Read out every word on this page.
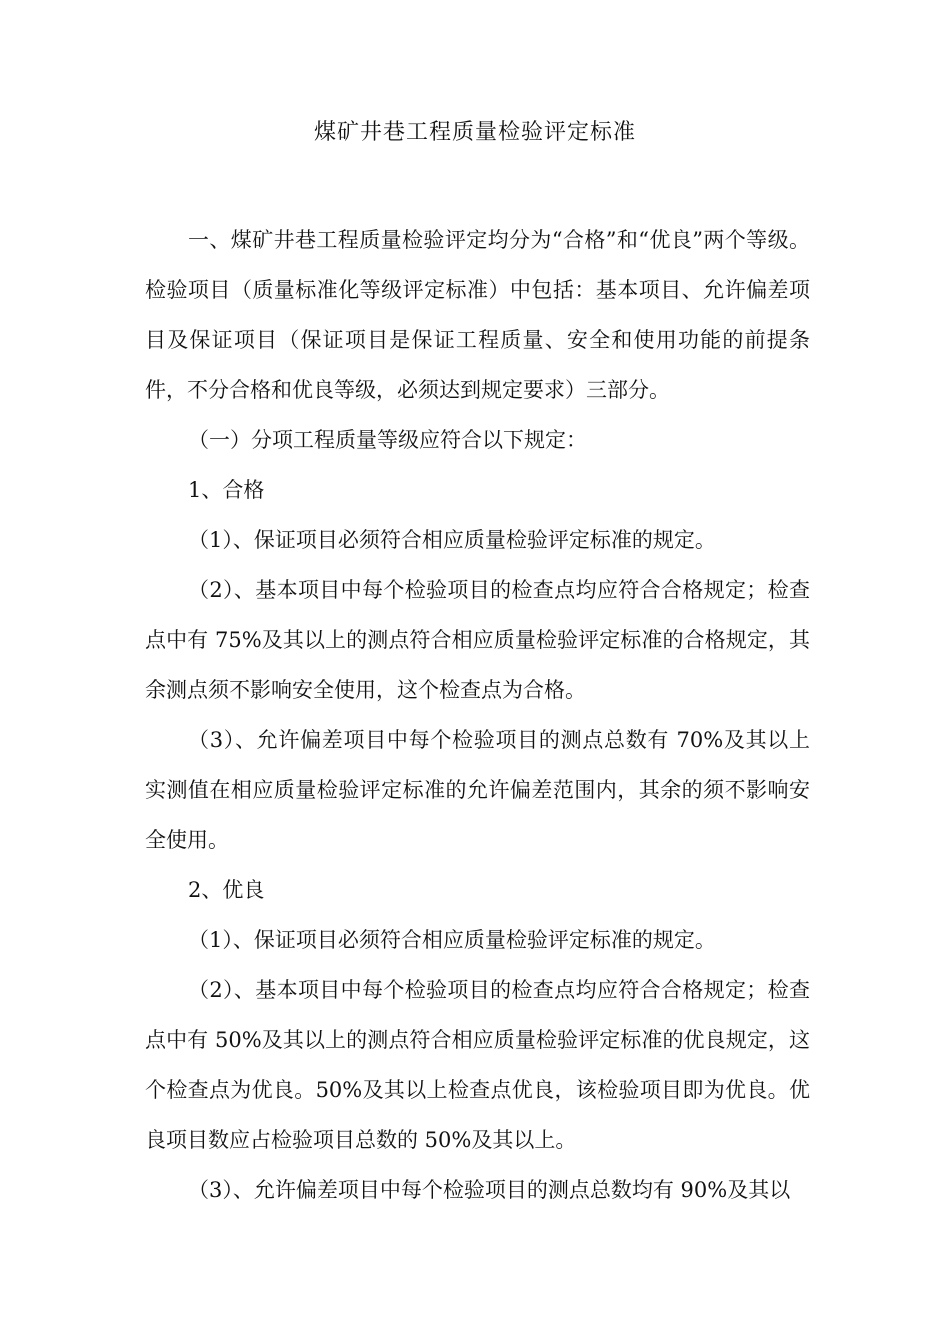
煤矿井巷工程质量检验评定标准

一、煤矿井巷工程质量检验评定均分为“合格”和“优良”两个等级。检验项目（质量标准化等级评定标准）中包括：基本项目、允许偏差项目及保证项目（保证项目是保证工程质量、安全和使用功能的前提条件，不分合格和优良等级，必须达到规定要求）三部分。

（一）分项工程质量等级应符合以下规定：

1、合格

（1）、保证项目必须符合相应质量检验评定标准的规定。

（2）、基本项目中每个检验项目的检查点均应符合合格规定；检查点中有 75%及其以上的测点符合相应质量检验评定标准的合格规定，其余测点须不影响安全使用，这个检查点为合格。

（3）、允许偏差项目中每个检验项目的测点总数有 70%及其以上实测值在相应质量检验评定标准的允许偏差范围内，其余的须不影响安全使用。

2、优良

（1）、保证项目必须符合相应质量检验评定标准的规定。

（2）、基本项目中每个检验项目的检查点均应符合合格规定；检查点中有 50%及其以上的测点符合相应质量检验评定标准的优良规定，这个检查点为优良。50%及其以上检查点优良，该检验项目即为优良。优良项目数应占检验项目总数的 50%及其以上。

（3）、允许偏差项目中每个检验项目的测点总数均有 90%及其以
